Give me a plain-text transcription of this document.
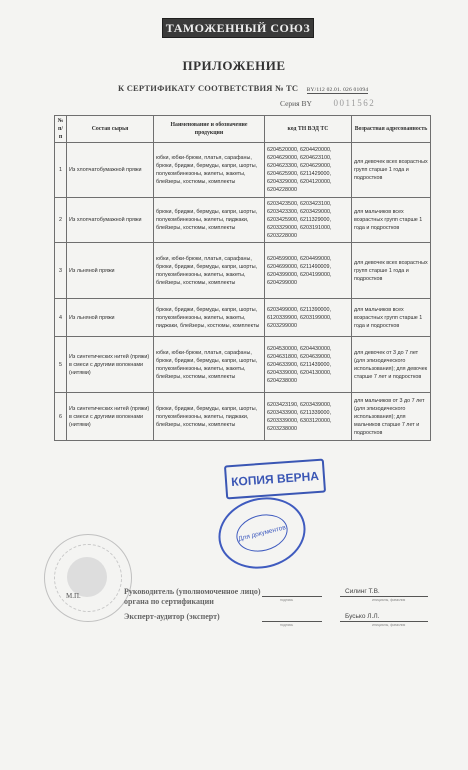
ТАМОЖЕННЫЙ СОЮЗ
ПРИЛОЖЕНИЕ
К СЕРТИФИКАТУ СООТВЕТСТВИЯ № ТС BY/112 02.01. 026 01094
Серия BY 0011562
№ п/п	Состав сырья	Наименование и обозначение продукции	код ТН ВЭД ТС	Возрастная адресованность
1	Из хлопчатобумажной пряжи	юбки, юбки-брюки, платья, сарафаны, брюки, бриджи, бермуды, капри, шорты, полукомбинезоны, жилеты, жакеты, блейзеры, костюмы, комплекты	6204520000, 6204420000, 6204629000, 6204623100, 6204623300, 6204629000, 6204625900, 6211429000, 6204329000, 6204120000, 6204228000	для девочек всех возрастных групп старше 1 года и подростков
2	Из хлопчатобумажной пряжи	брюки, бриджи, бермуды, капри, шорты, полукомбинезоны, жилеты, пиджаки, блейзеры, костюмы, комплекты	6203423500, 6203423100, 6203423300, 6203429000, 6203425900, 6211329000, 6203329000, 6203191000, 6203228000	для мальчиков всех возрастных групп старше 1 года и подростков
3	Из льняной пряжи	юбки, юбки-брюки, платья, сарафаны, брюки, бриджи, бермуды, капри, шорты, полукомбинезоны, жилеты, жакеты, блейзеры, костюмы, комплекты	6204599000, 6204499000, 6204699000, 6211490009, 6204399000, 6204199000, 6204299000	для девочек всех возрастных групп старше 1 года и подростков
4	Из льняной пряжи	брюки, бриджи, бермуды, капри, шорты, полукомбинезоны, жилеты, жакеты, пиджаки, блейзеры, костюмы, комплекты	6203499000, 6211390000, 6120339900, 6203199000, 6203299000	для мальчиков всех возрастных групп старше 1 года и подростков
5	Из синтетических нитей (пряжи) в смеси с другими волокнами (нитями)	юбки, юбки-брюки, платья, сарафаны, брюки, бриджи, бермуды, капри, шорты, полукомбинезоны, жилеты, жакеты, блейзеры, костюмы, комплекты	6204530000, 6204430000, 6204631800, 6204639000, 6204633900, 6211439000, 6204339000, 6204130000, 6204238000	для девочек от 3 до 7 лет (для эпизодического использования); для девочек старше 7 лет и подростков
6	Из синтетических нитей (пряжи) в смеси с другими волокнами (нитями)	брюки, бриджи, бермуды, капри, шорты, полукомбинезоны, жилеты, пиджаки, блейзеры, костюмы, комплекты	6203423190, 6203439000, 6203433900, 6211339000, 6203339000, 6303120000, 6203238000	для мальчиков от 3 до 7 лет (для эпизодического использования); для мальчиков старше 7 лет и подростков
КОПИЯ ВЕРНА
Для документов
М.П.	Руководитель (уполномоченное лицо) органа по сертификации	подпись
Силинг Т.В.
инициалы, фамилия
Эксперт-аудитор (эксперт)
подпись
Бусько Л.Л.
инициалы, фамилия
